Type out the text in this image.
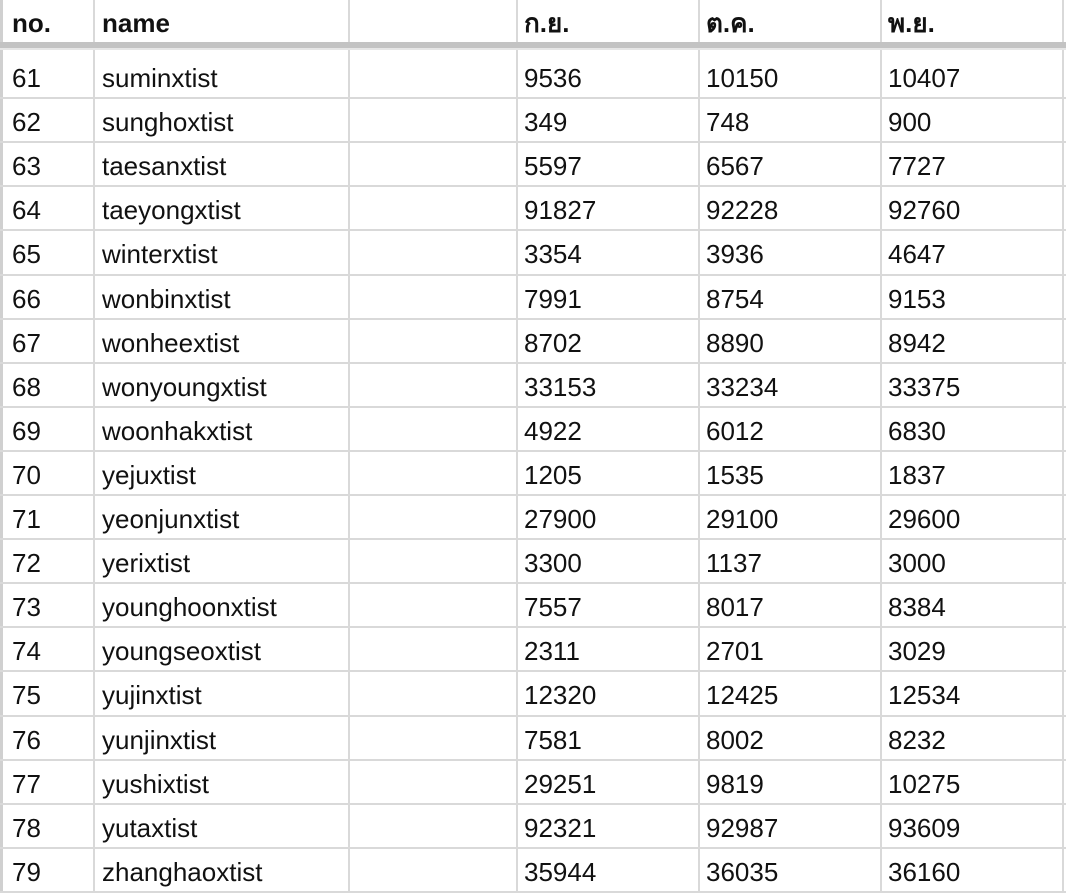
no. name	ก.ย.	ต.ค.	พ.ย.
61 suminxtist	9536	10150	10407
62 sunghoxtist	349	748	900
63 taesanxtist	5597	6567	7727
64 taeyongxtist	91827	92228	92760
65 winterxtist	3354	3936	4647
66 wonbinxtist	7991	8754	9153
67 wonheextist	8702	8890	8942
68 wonyoungxtist	33153	33234	33375
69 woonhakxtist	4922	6012	6830
70 yejuxtist	1205	1535	1837
71 yeonjunxtist	27900	29100	29600
72 yerixtist	3300	1137	3000
73 younghoonxtist	7557	8017	8384
74 youngseoxtist	2311	2701	3029
75 yujinxtist	12320	12425	12534
76 yunjinxtist	7581	8002	8232
77 yushixtist	29251	9819	10275
78 yutaxtist	92321	92987	93609
79 zhanghaoxtist	35944	36035	36160
